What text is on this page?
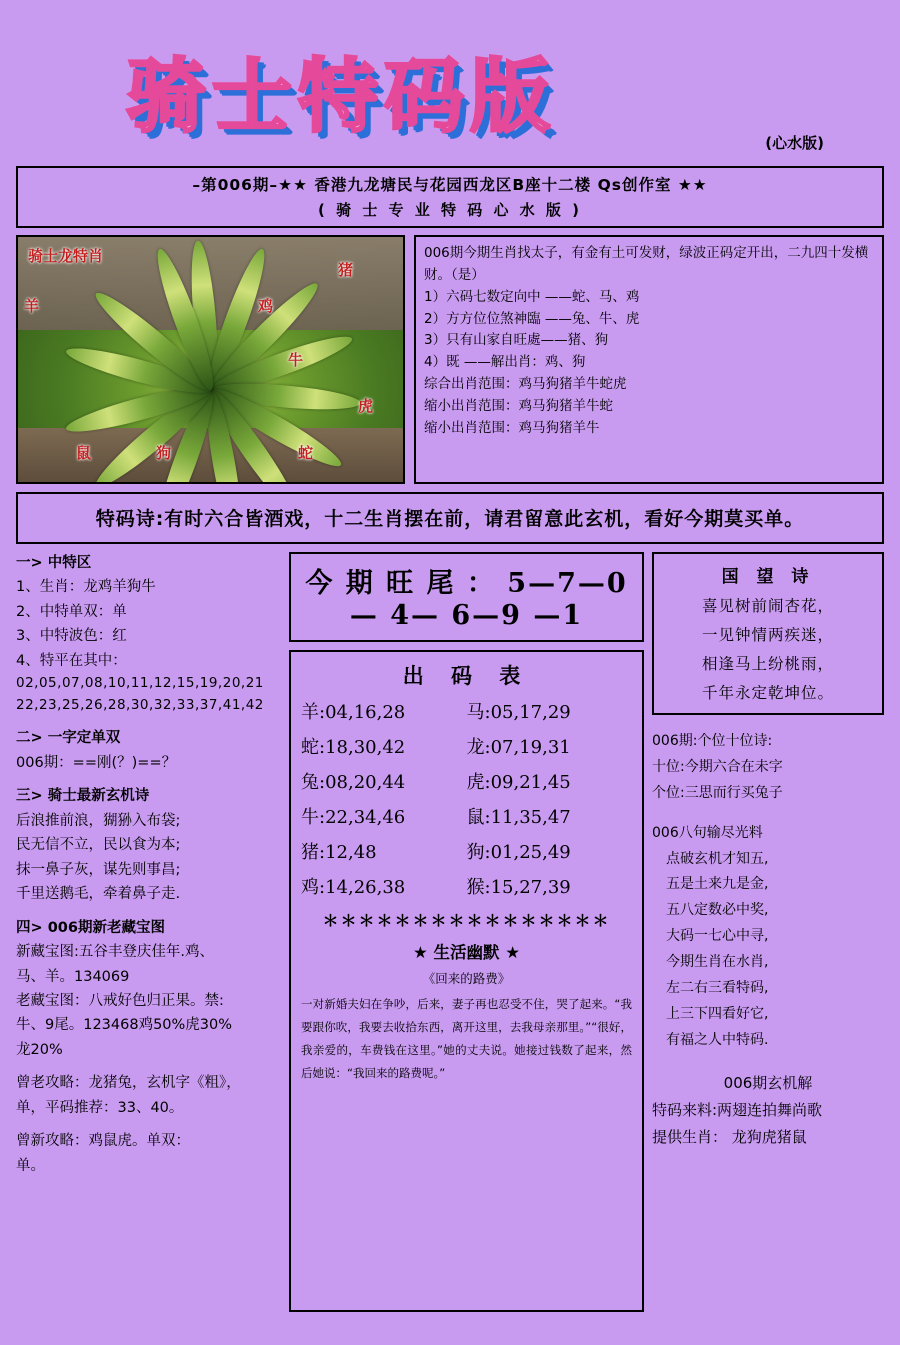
骑士特码版	(心水版)
–第006期–★★ 香港九龙塘民与花园西龙区B座十二楼 Qs创作室 ★★
( 骑 士 专 业 特 码 心 水 版 )
骑士龙特肖
羊
猪
鸡
牛
虎
鼠	狗	蛇
006期今期生肖找太子，有金有土可发财，绿波正码定开出，二九四十发横财。（是）
1）六码七数定向中 ——蛇、马、鸡
2）方方位位煞神臨 ——兔、牛、虎
3）只有山家自旺處——猪、狗
4）既 ——解出肖：鸡、狗
综合出肖范围：鸡马狗猪羊牛蛇虎
缩小出肖范围：鸡马狗猪羊牛蛇
缩小出肖范围：鸡马狗猪羊牛
特码诗:有时六合皆酒戏，十二生肖摆在前，请君留意此玄机，看好今期莫买单。
一> 中特区
1、生肖：龙鸡羊狗牛
2、中特单双：单
3、中特波色：红
4、特平在其中：
02,05,07,08,10,11,12,15,19,20,21
22,23,25,26,28,30,32,33,37,41,42
二> 一字定单双
006期：==刚(？)==？
三> 骑士最新玄机诗
后浪推前浪，猢狲入布袋;
民无信不立，民以食为本;
抹一鼻子灰，谋先则事昌;
千里送鹅毛，牵着鼻子走.
四> 006期新老藏宝图
新藏宝图:五谷丰登庆佳年.鸡、
马、羊。134069
老藏宝图：八戒好色归正果。禁:
牛、9尾。123468鸡50%虎30%
龙20%
曾老攻略：龙猪兔，玄机字《粗》，
单，平码推荐：33、40。
曾新攻略：鸡鼠虎。单双：
单。
今 期 旺 尾 ： 5—7—0— 4— 6—9 —1
出 码 表
羊:04,16,28	马:05,17,29
蛇:18,30,42	龙:07,19,31
兔:08,20,44	虎:09,21,45
牛:22,34,46	鼠:11,35,47
猪:12,48	狗:01,25,49
鸡:14,26,38	猴:15,27,39
＊＊＊＊＊＊＊＊＊＊＊＊＊＊＊＊
★ 生活幽默 ★
《回来的路费》
一对新婚夫妇在争吵，后来，妻子再也忍受不住，哭了起来。“我要跟你吹，我要去收拾东西，离开这里，去我母亲那里。”“很好，我亲爱的，车费钱在这里。”她的丈夫说。她接过钱数了起来，然后她说：“我回来的路费呢。”
国 望 诗
喜见树前闹杏花，
一见钟情两疾迷，
相逢马上纷桃雨，
千年永定乾坤位。
006期:个位十位诗:
十位:今期六合在未字
个位:三思而行买兔子
006八句输尽光料
点破玄机才知五,
五是土来九是金,
五八定数必中奖,
大码一七心中寻,
今期生肖在水肖,
左二右三看特码,
上三下四看好它,
有福之人中特码.
006期玄机解
特码来料:两翅连拍舞尚歌
提供生肖： 龙狗虎猪鼠
